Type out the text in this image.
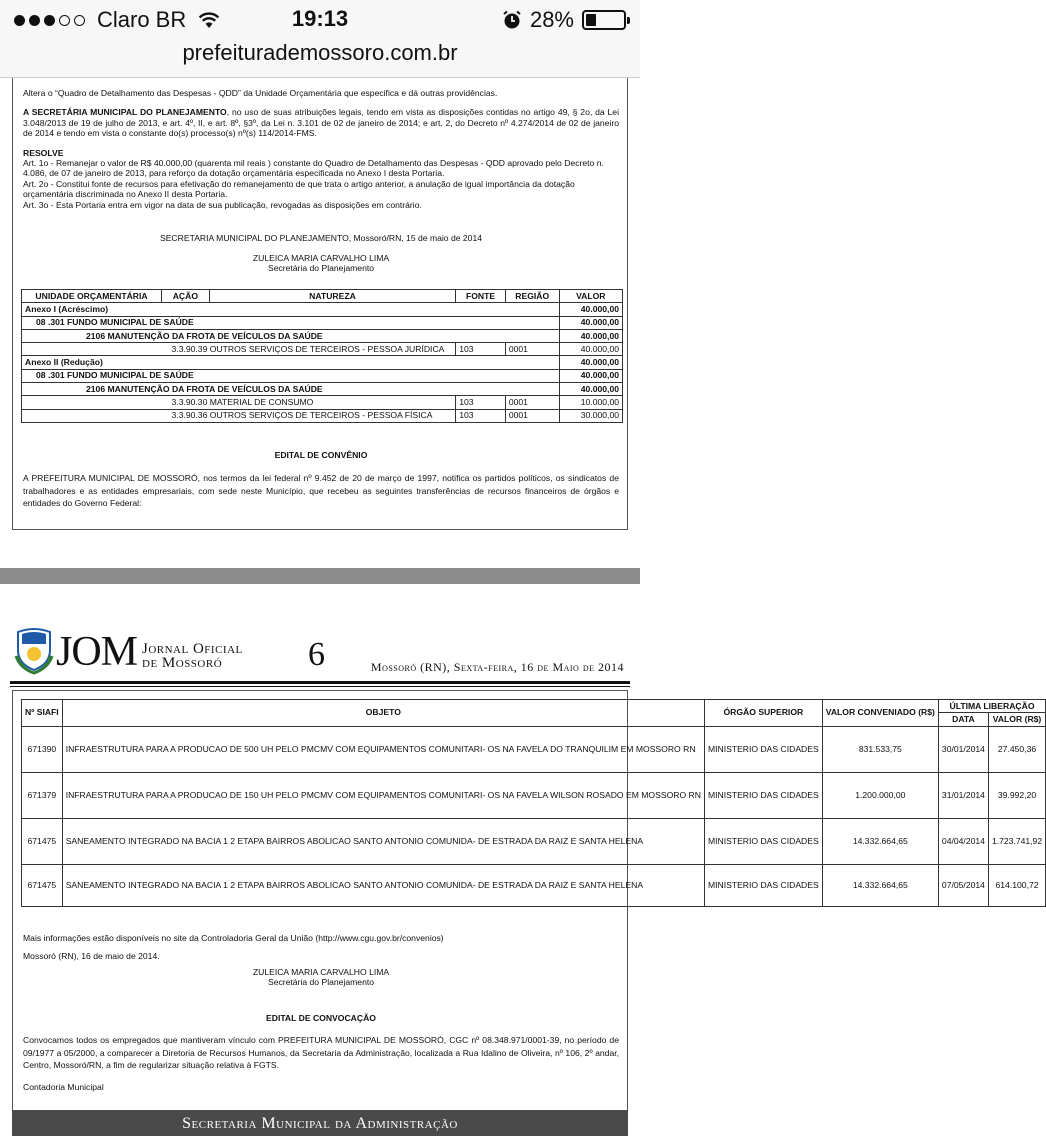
Claro BR	19:13	28%
prefeiturademossoro.com.br

Altera o “Quadro de Detalhamento das Despesas - QDD” da Unidade Orçamentária que especifica e dá outras providências.

A SECRETÁRIA MUNICIPAL DO PLANEJAMENTO, no uso de suas atribuições legais, tendo em vista as disposições contidas no artigo 49, § 2o, da Lei 3.048/2013 de 19 de julho de 2013, e art. 4º, II, e art. 8º, §3º, da Lei n. 3.101 de 02 de janeiro de 2014; e art. 2, do Decreto nº 4.274/2014 de 02 de janeiro de 2014 e tendo em vista o constante do(s) processo(s) nº(s) 114/2014-FMS.

RESOLVE
Art. 1o - Remanejar o valor de R$ 40.000,00 (quarenta mil reais ) constante do Quadro de Detalhamento das Despesas - QDD aprovado pelo Decreto n. 4.086, de 07 de janeiro de 2013, para reforço da dotação orçamentária especificada no Anexo I desta Portaria.
Art. 2o - Constitui fonte de recursos para efetivação do remanejamento de que trata o artigo anterior, a anulação de igual importância da dotação orçamentária discriminada no Anexo II desta Portaria.
Art. 3o - Esta Portaria entra em vigor na data de sua publicação, revogadas as disposições em contrário.
SECRETARIA MUNICIPAL DO PLANEJAMENTO, Mossoró/RN, 15 de maio de 2014
ZULEICA MARIA CARVALHO LIMA
Secretária do Planejamento
UNIDADE ORÇAMENTÁRIA	AÇÃO	NATUREZA	FONTE	REGIÃO	VALOR
Anexo I (Acréscimo)					40.000,00
08 .301 FUNDO MUNICIPAL DE SAÚDE					40.000,00
2106 MANUTENÇÃO DA FROTA DE VEÍCULOS DA SAÚDE					40.000,00
	3.3.90.39 OUTROS SERVIÇOS DE TERCEIROS - PESSOA JURÍDICA		103	0001	40.000,00
Anexo II (Redução)					40.000,00
08 .301 FUNDO MUNICIPAL DE SAÚDE					40.000,00
2106 MANUTENÇÃO DA FROTA DE VEÍCULOS DA SAÚDE					40.000,00
	3.3.90.30 MATERIAL DE CONSUMO		103	0001	10.000,00
	3.3.90.36 OUTROS SERVIÇOS DE TERCEIROS - PESSOA FÍSICA		103	0001	30.000,00
EDITAL DE CONVÊNIO
A PREFEITURA MUNICIPAL DE MOSSORÓ, nos termos da lei federal nº 9.452 de 20 de março de 1997, notifica os partidos políticos, os sindicatos de trabalhadores e as entidades empresariais, com sede neste Município, que recebeu as seguintes transferências de recursos financeiros de órgãos e entidades do Governo Federal:
JOM Jornal Oficial
de Mossoró	6	Mossoró (RN), Sexta-feira, 16 de Maio de 2014
Nº SIAFI	OBJETO	ÓRGÃO SUPERIOR	VALOR CONVENIADO (R$)	ÚLTIMA LIBERAÇÃO	
				DATA	VALOR (R$)
671390	INFRAESTRUTURA PARA A PRODUCAO DE 500 UH PELO PMCMV COM EQUIPAMENTOS COMUNITARI- OS NA FAVELA DO TRANQUILIM EM MOSSORO RN	MINISTERIO DAS CIDADES	831.533,75	30/01/2014	27.450,36
671379	INFRAESTRUTURA PARA A PRODUCAO DE 150 UH PELO PMCMV COM EQUIPAMENTOS COMUNITARI- OS NA FAVELA WILSON ROSADO EM MOSSORO RN	MINISTERIO DAS CIDADES	1.200.000,00	31/01/2014	39.992,20
671475	SANEAMENTO INTEGRADO NA BACIA 1 2 ETAPA BAIRROS ABOLICAO SANTO ANTONIO COMUNIDA- DE ESTRADA DA RAIZ E SANTA HELENA	MINISTERIO DAS CIDADES	14.332.664,65	04/04/2014	1.723.741,92
671475	SANEAMENTO INTEGRADO NA BACIA 1 2 ETAPA BAIRROS ABOLICAO SANTO ANTONIO COMUNIDA- DE ESTRADA DA RAIZ E SANTA HELENA	MINISTERIO DAS CIDADES	14.332.664,65	07/05/2014	614.100,72
Mais informações estão disponíveis no site da Controladoria Geral da União (http://www.cgu.gov.br/convenios)
Mossoró (RN), 16 de maio de 2014.
ZULEICA MARIA CARVALHO LIMA
Secretária do Planejamento
EDITAL DE CONVOCAÇÃO
Convocamos todos os empregados que mantiveram vínculo com PREFEITURA MUNICIPAL DE MOSSORÓ, CGC nº 08.348.971/0001-39, no período de 09/1977 a 05/2000, a comparecer a Diretoria de Recursos Humanos, da Secretaria da Administração, localizada a Rua Idalino de Oliveira, nº 106, 2º andar, Centro, Mossoró/RN, a fim de regularizar situação relativa à FGTS.
Contadoria Municipal
Secretaria Municipal da Administração
